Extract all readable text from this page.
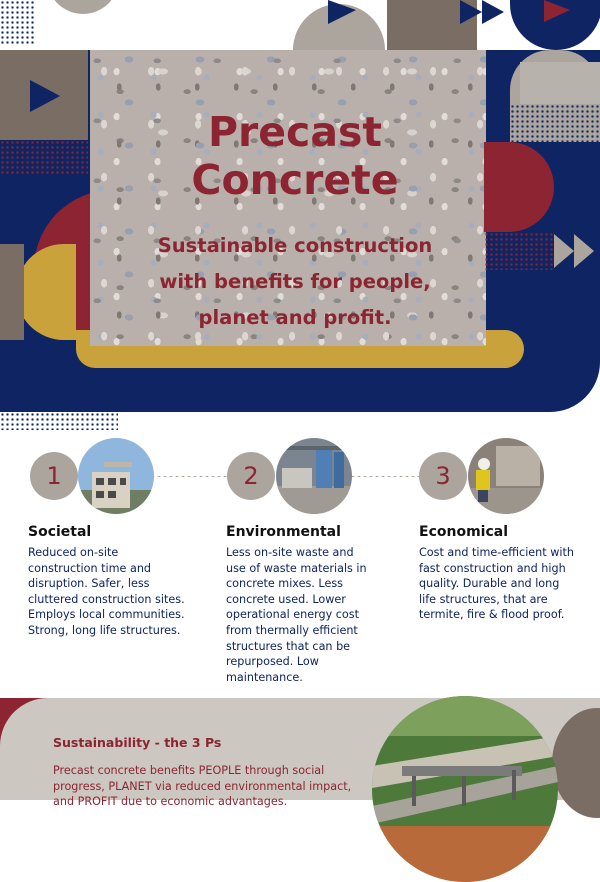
Precast
Concrete
Sustainable construction
with benefits for people,
planet and profit.
1	2	3
Societal
Reduced on-site construction time and disruption. Safer, less cluttered construction sites. Employs local communities. Strong, long life structures.
Environmental
Less on-site waste and use of waste materials in concrete mixes. Less concrete used. Lower operational energy cost from thermally efficient structures that can be repurposed. Low maintenance.
Economical
Cost and time-efficient with fast construction and high quality. Durable and long life structures, that are termite, fire & flood proof.
Sustainability - the 3 Ps
Precast concrete benefits PEOPLE through social progress, PLANET via reduced environmental impact, and PROFIT due to economic advantages.
